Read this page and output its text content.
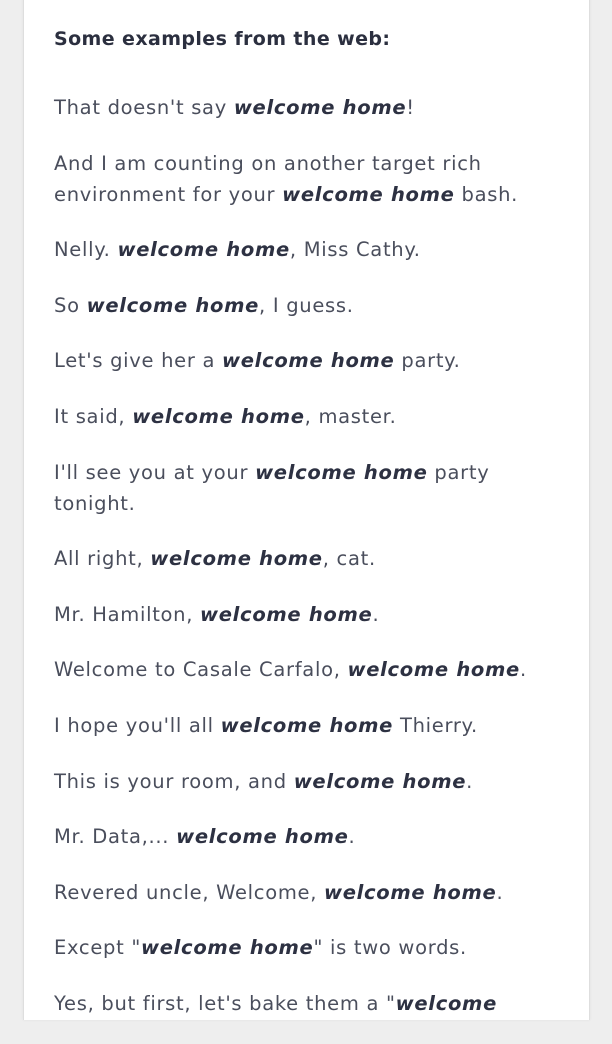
Some examples from the web:
That doesn't say welcome home!
And I am counting on another target rich environment for your welcome home bash.
Nelly. welcome home, Miss Cathy.
So welcome home, I guess.
Let's give her a welcome home party.
It said, welcome home, master.
I'll see you at your welcome home party tonight.
All right, welcome home, cat.
Mr. Hamilton, welcome home.
Welcome to Casale Carfalo, welcome home.
I hope you'll all welcome home Thierry.
This is your room, and welcome home.
Mr. Data,... welcome home.
Revered uncle, Welcome, welcome home.
Except "welcome home" is two words.
Yes, but first, let's bake them a "welcome
